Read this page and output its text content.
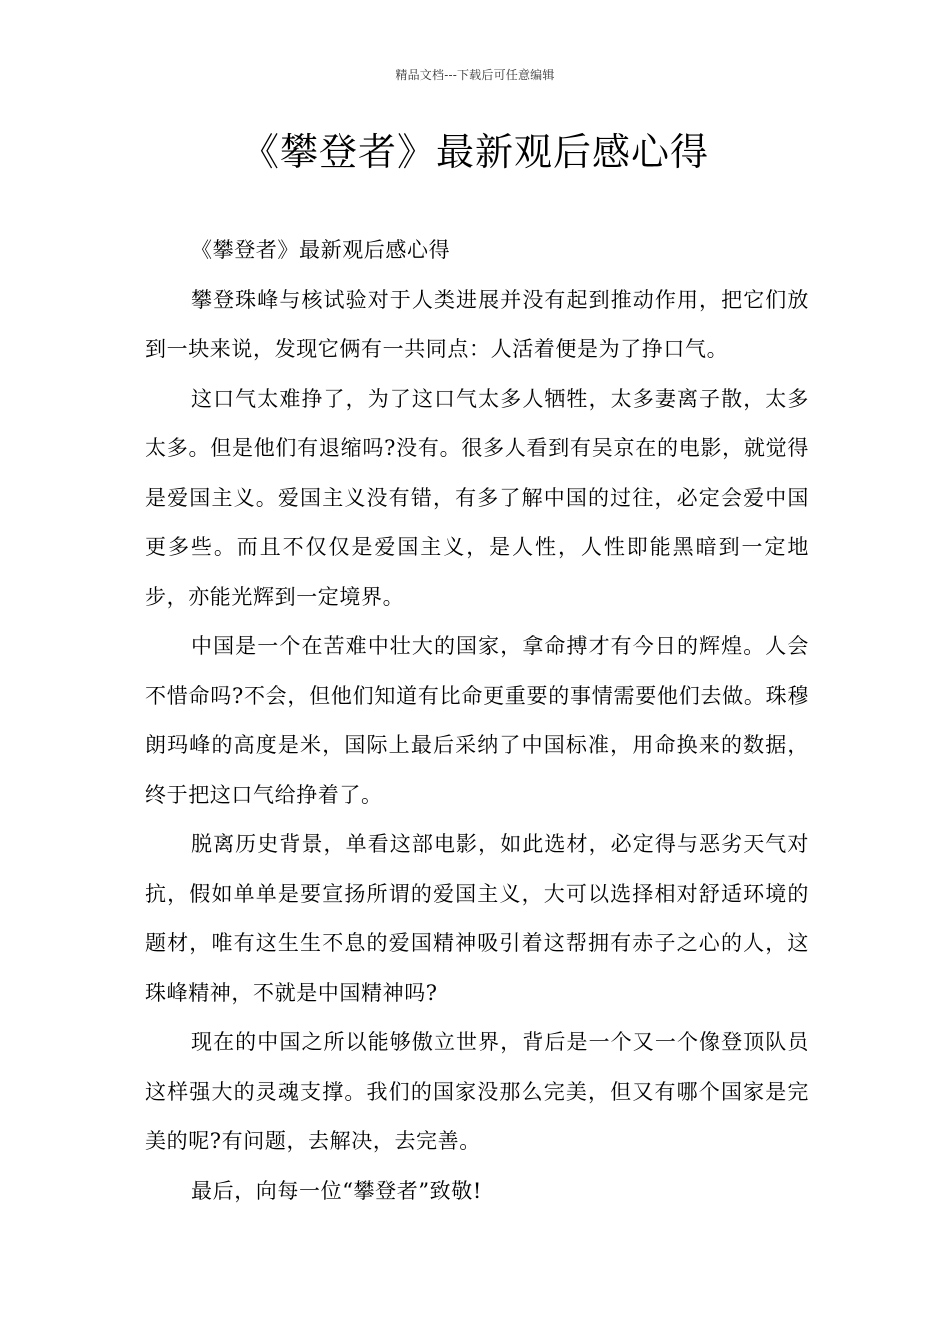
精品文档---下载后可任意编辑
《攀登者》最新观后感心得

《攀登者》最新观后感心得

攀登珠峰与核试验对于人类进展并没有起到推动作用，把它们放到一块来说，发现它俩有一共同点：人活着便是为了挣口气。

这口气太难挣了，为了这口气太多人牺牲，太多妻离子散，太多太多。但是他们有退缩吗?没有。很多人看到有吴京在的电影，就觉得是爱国主义。爱国主义没有错，有多了解中国的过往，必定会爱中国更多些。而且不仅仅是爱国主义，是人性，人性即能黑暗到一定地步，亦能光辉到一定境界。

中国是一个在苦难中壮大的国家，拿命搏才有今日的辉煌。人会不惜命吗?不会，但他们知道有比命更重要的事情需要他们去做。珠穆朗玛峰的高度是米，国际上最后采纳了中国标准，用命换来的数据，终于把这口气给挣着了。

脱离历史背景，单看这部电影，如此选材，必定得与恶劣天气对抗，假如单单是要宣扬所谓的爱国主义，大可以选择相对舒适环境的题材，唯有这生生不息的爱国精神吸引着这帮拥有赤子之心的人，这珠峰精神，不就是中国精神吗?

现在的中国之所以能够傲立世界，背后是一个又一个像登顶队员这样强大的灵魂支撑。我们的国家没那么完美，但又有哪个国家是完美的呢?有问题，去解决，去完善。

最后，向每一位“攀登者”致敬!
